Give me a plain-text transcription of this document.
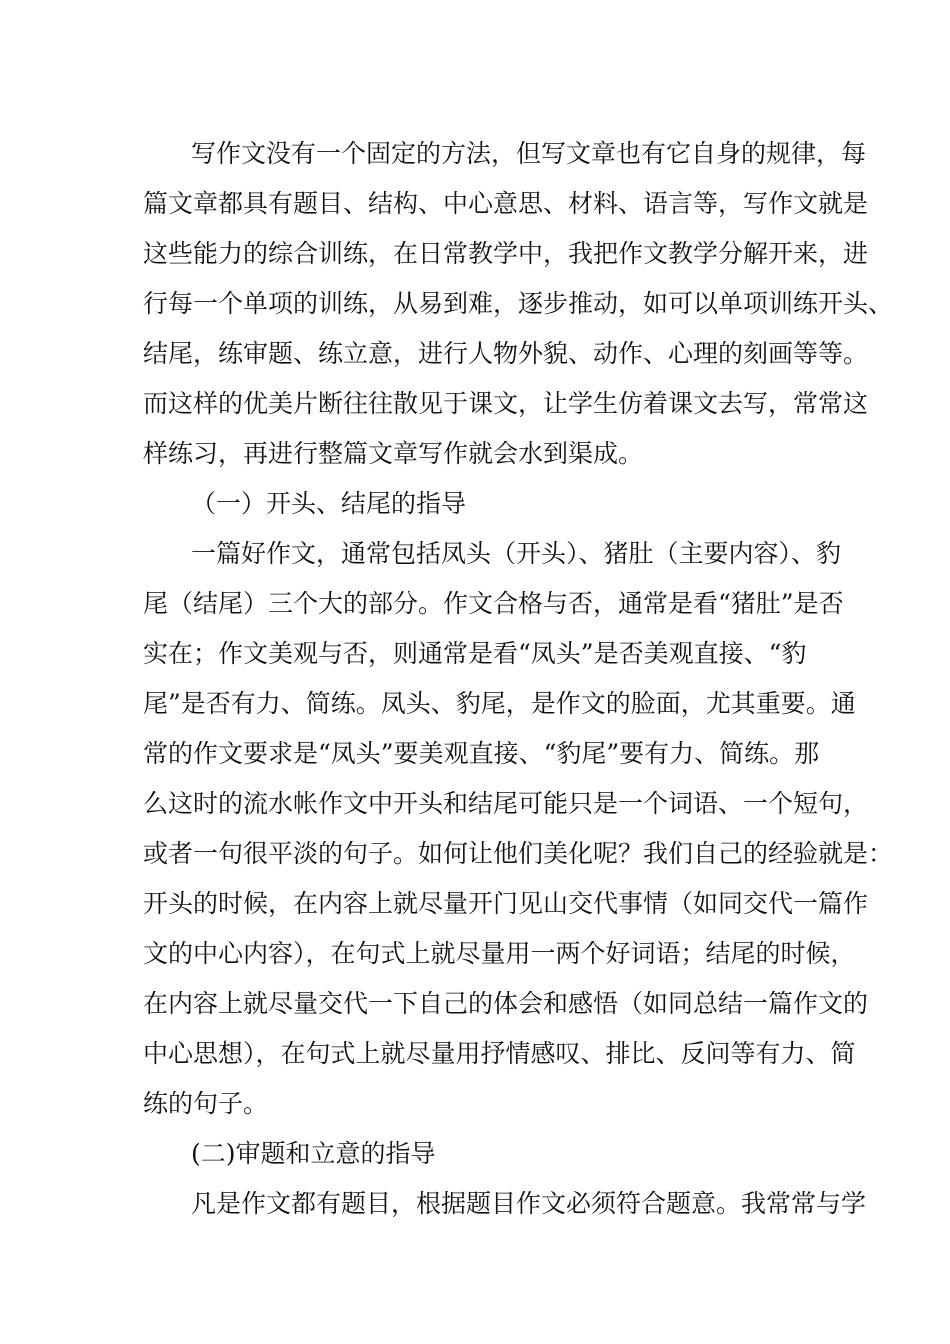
写作文没有一个固定的方法，但写文章也有它自身的规律，每
篇文章都具有题目、结构、中心意思、材料、语言等，写作文就是
这些能力的综合训练，在日常教学中，我把作文教学分解开来，进
行每一个单项的训练，从易到难，逐步推动，如可以单项训练开头、
结尾，练审题、练立意，进行人物外貌、动作、心理的刻画等等。
而这样的优美片断往往散见于课文，让学生仿着课文去写，常常这
样练习，再进行整篇文章写作就会水到渠成。
（一）开头、结尾的指导
一篇好作文，通常包括凤头（开头）、猪肚（主要内容）、豹
尾（结尾）三个大的部分。作文合格与否，通常是看“猪肚”是否
实在；作文美观与否，则通常是看“凤头”是否美观直接、“豹
尾”是否有力、简练。凤头、豹尾，是作文的脸面，尤其重要。通
常的作文要求是“凤头”要美观直接、“豹尾”要有力、简练。那
么这时的流水帐作文中开头和结尾可能只是一个词语、一个短句，
或者一句很平淡的句子。如何让他们美化呢？我们自己的经验就是：
开头的时候，在内容上就尽量开门见山交代事情（如同交代一篇作
文的中心内容），在句式上就尽量用一两个好词语；结尾的时候，
在内容上就尽量交代一下自己的体会和感悟（如同总结一篇作文的
中心思想），在句式上就尽量用抒情感叹、排比、反问等有力、简
练的句子。
(二)审题和立意的指导
凡是作文都有题目，根据题目作文必须符合题意。我常常与学
